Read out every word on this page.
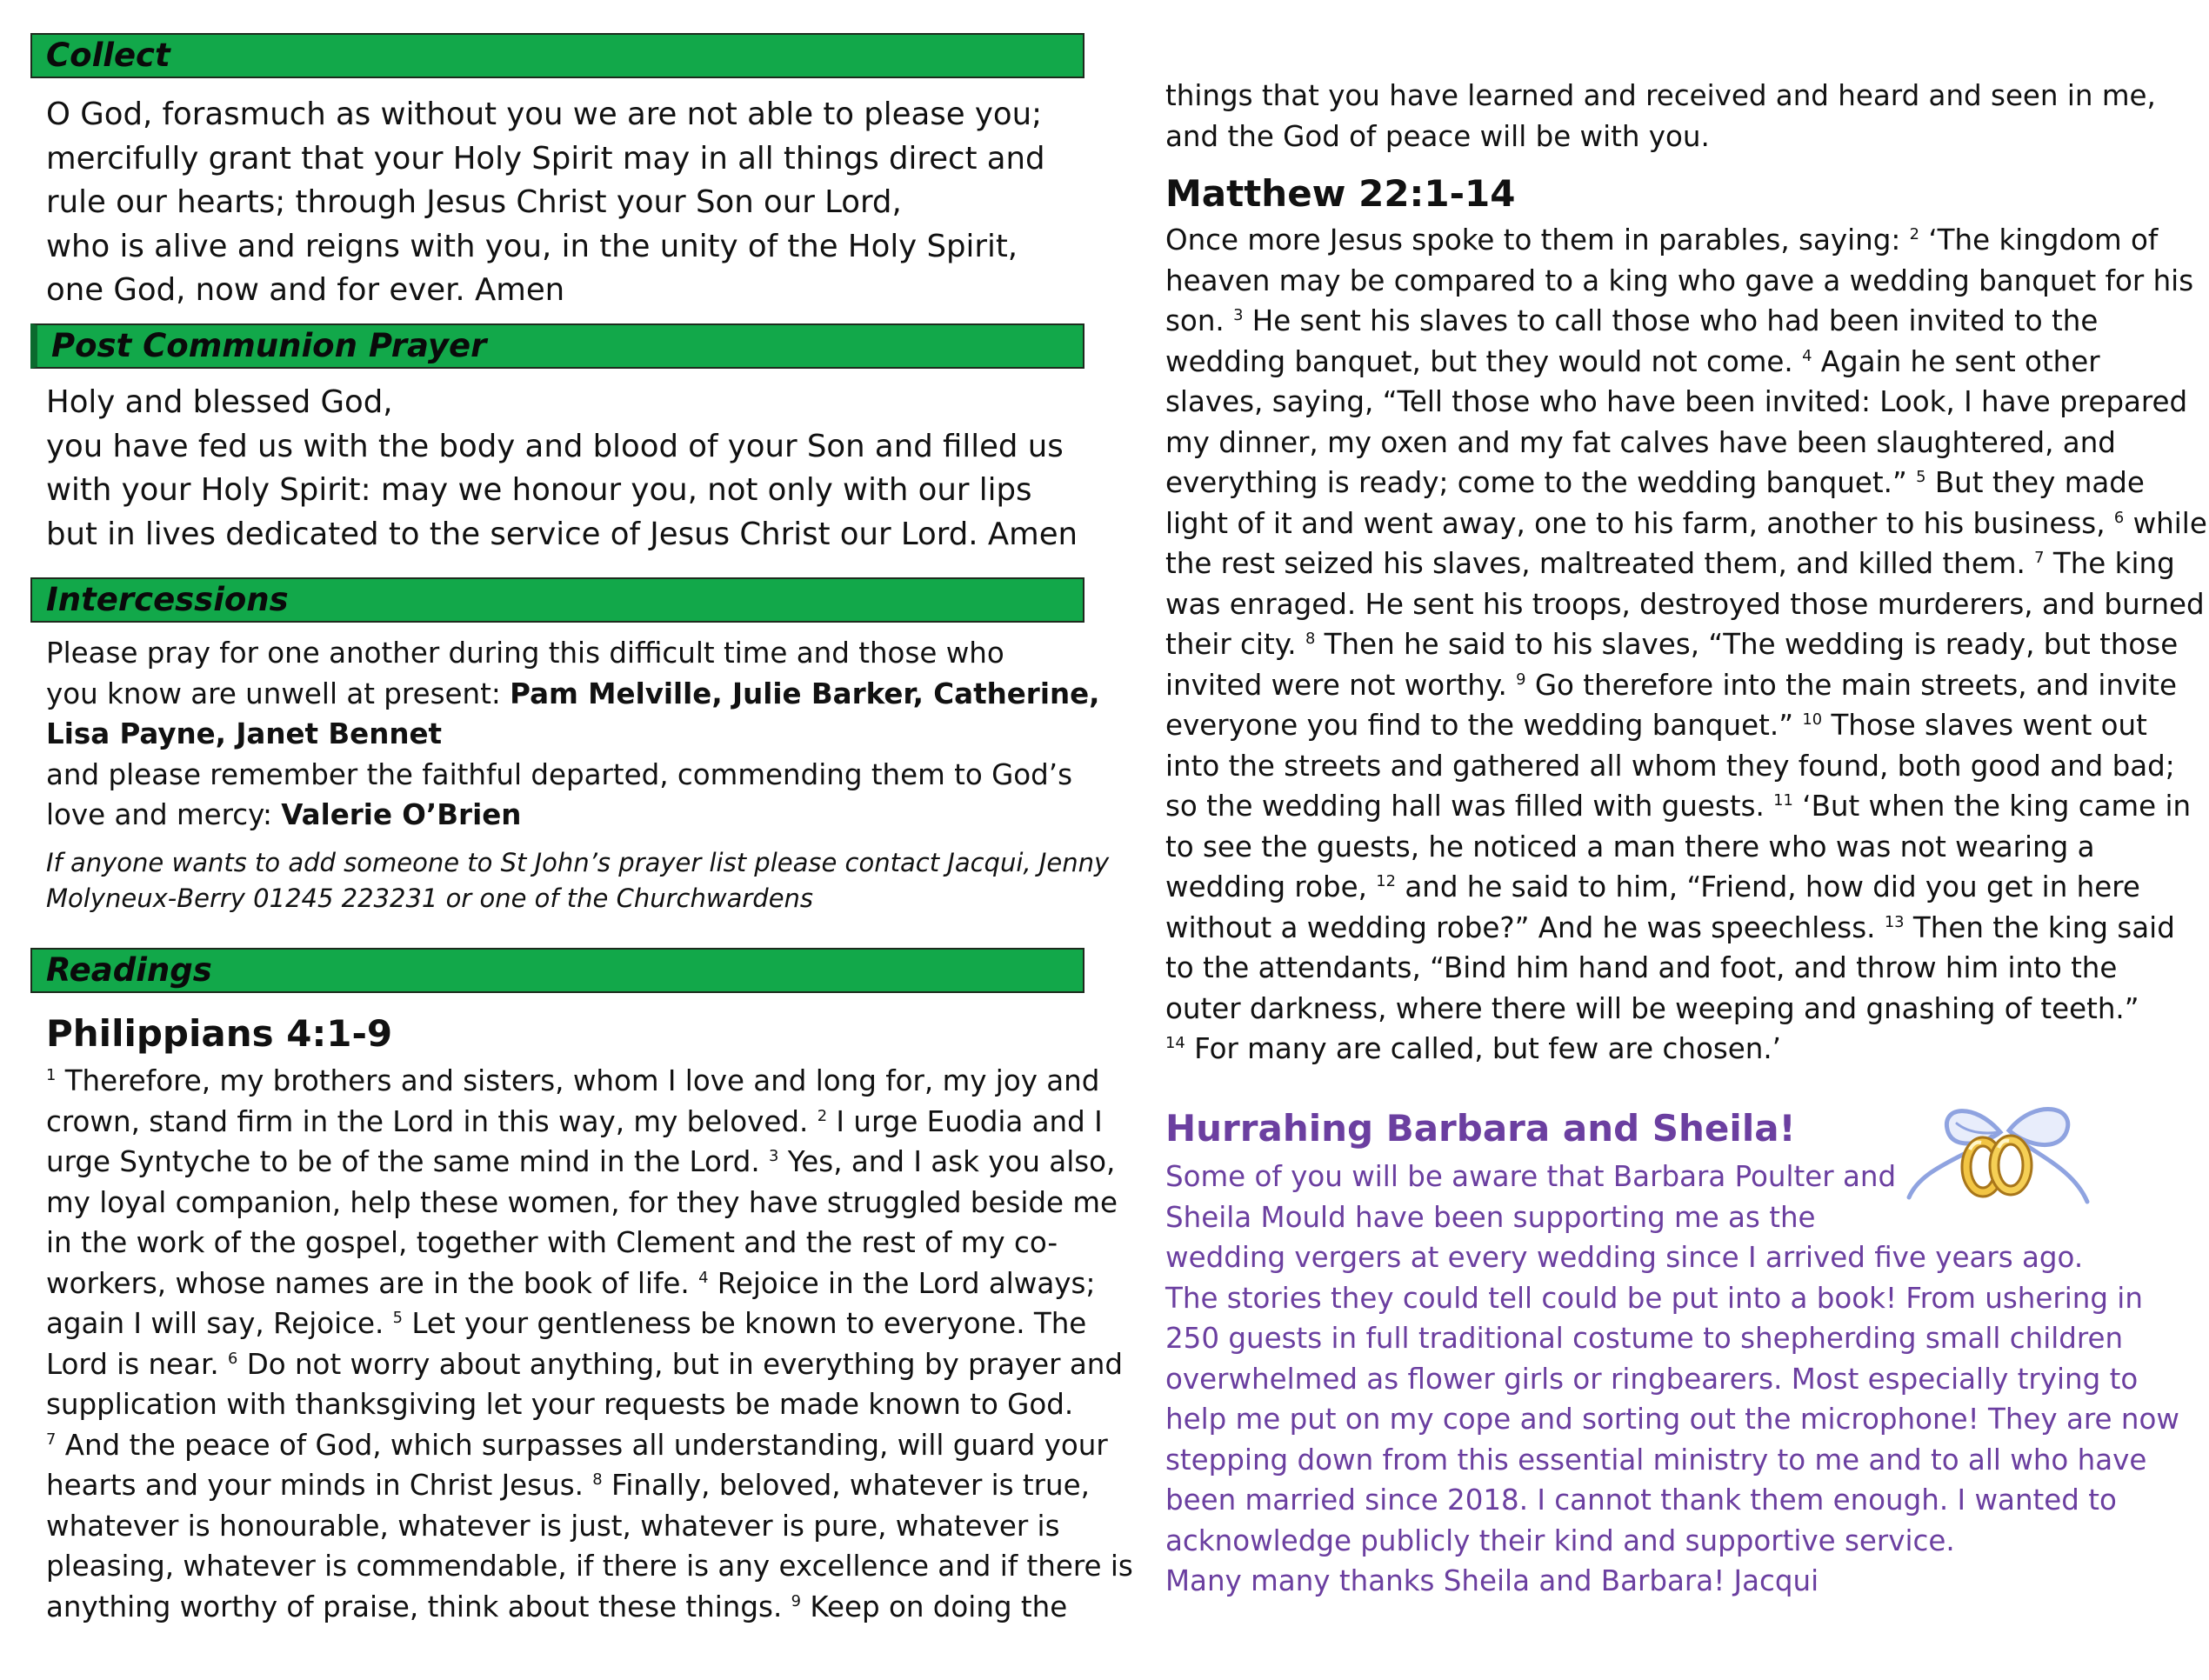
Collect
O God, forasmuch as without you we are not able to please you;
mercifully grant that your Holy Spirit may in all things direct and
rule our hearts; through Jesus Christ your Son our Lord,
who is alive and reigns with you, in the unity of the Holy Spirit,
one God, now and for ever. Amen
Post Communion Prayer
Holy and blessed God,
you have fed us with the body and blood of your Son and filled us
with your Holy Spirit: may we honour you, not only with our lips
but in lives dedicated to the service of Jesus Christ our Lord. Amen
Intercessions
Please pray for one another during this difficult time and those who
you know are unwell at present: Pam Melville, Julie Barker, Catherine,
Lisa Payne, Janet Bennet
and please remember the faithful departed, commending them to God’s
love and mercy: Valerie O’Brien
If anyone wants to add someone to St John’s prayer list please contact Jacqui, Jenny
Molyneux-Berry 01245 223231 or one of the Churchwardens
Readings
Philippians 4:1-9
$^1$ Therefore, my brothers and sisters, whom I love and long for, my joy and
crown, stand firm in the Lord in this way, my beloved. $^2$ I urge Euodia and I
urge Syntyche to be of the same mind in the Lord. $^3$ Yes, and I ask you also,
my loyal companion, help these women, for they have struggled beside me
in the work of the gospel, together with Clement and the rest of my co-
workers, whose names are in the book of life. $^4$ Rejoice in the Lord always;
again I will say, Rejoice. $^5$ Let your gentleness be known to everyone. The
Lord is near. $^6$ Do not worry about anything, but in everything by prayer and
supplication with thanksgiving let your requests be made known to God.
$^7$ And the peace of God, which surpasses all understanding, will guard your
hearts and your minds in Christ Jesus. $^8$ Finally, beloved, whatever is true,
whatever is honourable, whatever is just, whatever is pure, whatever is
pleasing, whatever is commendable, if there is any excellence and if there is
anything worthy of praise, think about these things. $^9$ Keep on doing the
things that you have learned and received and heard and seen in me,
and the God of peace will be with you.
Matthew 22:1-14
Once more Jesus spoke to them in parables, saying: $^2$ ‘The kingdom of
heaven may be compared to a king who gave a wedding banquet for his
son. $^3$ He sent his slaves to call those who had been invited to the
wedding banquet, but they would not come. $^4$ Again he sent other
slaves, saying, “Tell those who have been invited: Look, I have prepared
my dinner, my oxen and my fat calves have been slaughtered, and
everything is ready; come to the wedding banquet.” $^5$ But they made
light of it and went away, one to his farm, another to his business, $^6$ while
the rest seized his slaves, maltreated them, and killed them. $^7$ The king
was enraged. He sent his troops, destroyed those murderers, and burned
their city. $^8$ Then he said to his slaves, “The wedding is ready, but those
invited were not worthy. $^9$ Go therefore into the main streets, and invite
everyone you find to the wedding banquet.” $^{10}$ Those slaves went out
into the streets and gathered all whom they found, both good and bad;
so the wedding hall was filled with guests. $^{11}$ ‘But when the king came in
to see the guests, he noticed a man there who was not wearing a
wedding robe, $^{12}$ and he said to him, “Friend, how did you get in here
without a wedding robe?” And he was speechless. $^{13}$ Then the king said
to the attendants, “Bind him hand and foot, and throw him into the
outer darkness, where there will be weeping and gnashing of teeth.”
$^{14}$ For many are called, but few are chosen.’
Hurrahing Barbara and Sheila!
Some of you will be aware that Barbara Poulter and
Sheila Mould have been supporting me as the
wedding vergers at every wedding since I arrived five years ago.
The stories they could tell could be put into a book! From ushering in
250 guests in full traditional costume to shepherding small children
overwhelmed as flower girls or ringbearers. Most especially trying to
help me put on my cope and sorting out the microphone! They are now
stepping down from this essential ministry to me and to all who have
been married since 2018. I cannot thank them enough. I wanted to
acknowledge publicly their kind and supportive service.
Many many thanks Sheila and Barbara! Jacqui
